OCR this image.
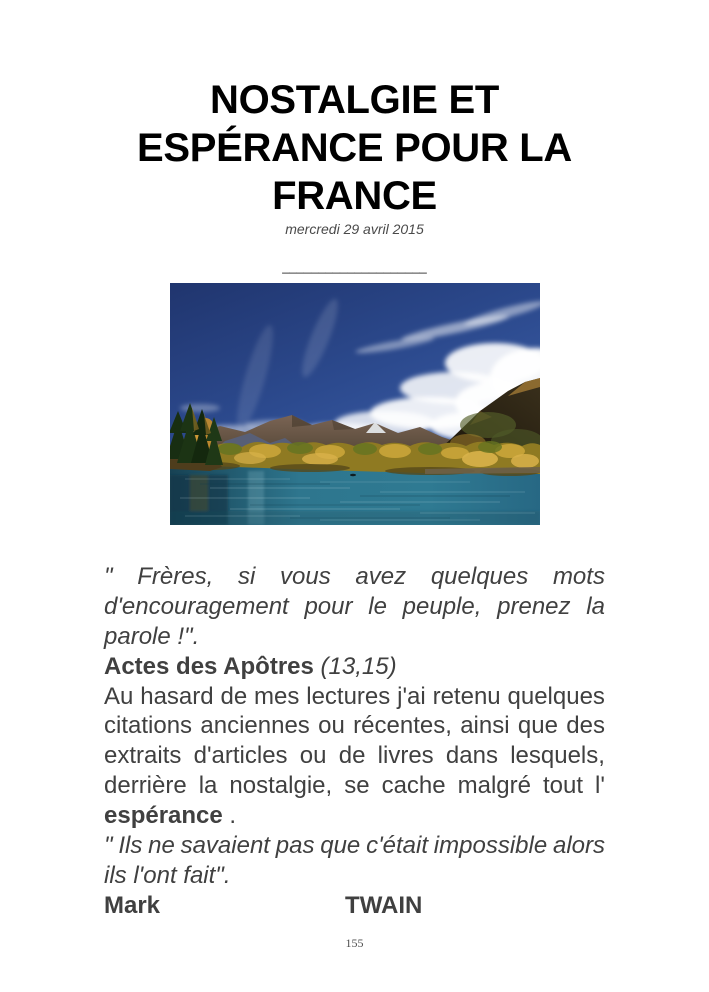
NOSTALGIE ET
ESPÉRANCE POUR LA
FRANCE
mercredi 29 avril 2015
____________________
" Frères, si vous avez quelques mots
d'encouragement pour le peuple, prenez la
parole !".
Actes des Apôtres (13,15)
Au hasard de mes lectures j'ai retenu quelques
citations anciennes ou récentes, ainsi que des
extraits d'articles ou de livres dans lesquels,
derrière la nostalgie, se cache malgré tout l'
espérance .
" Ils ne savaient pas que c'était impossible alors
ils l'ont fait".
Mark	TWAIN
155
